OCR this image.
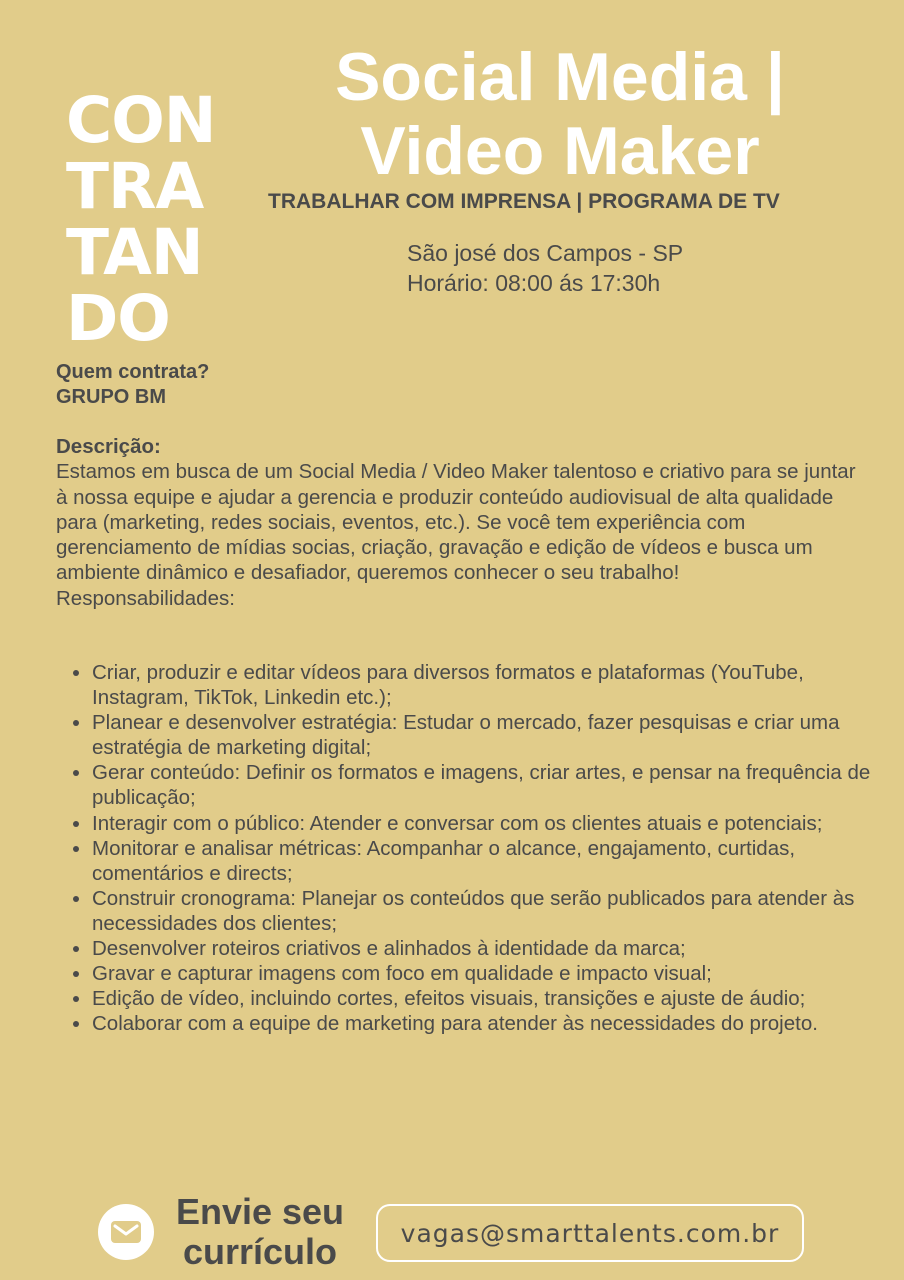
CON
TRA
TAN
DO
Social Media |
Video Maker
TRABALHAR COM IMPRENSA | PROGRAMA DE TV
São josé dos Campos - SP
Horário: 08:00 ás 17:30h
Quem contrata?
GRUPO BM
Descrição:
Estamos em busca de um Social Media / Video Maker talentoso e criativo para se juntar à nossa equipe e ajudar a gerencia e produzir conteúdo audiovisual de alta qualidade para (marketing, redes sociais, eventos, etc.). Se você tem experiência com gerenciamento de mídias socias, criação, gravação e edição de vídeos e busca um ambiente dinâmico e desafiador, queremos conhecer o seu trabalho!
Responsabilidades:
• Criar, produzir e editar vídeos para diversos formatos e plataformas (YouTube, Instagram, TikTok, Linkedin etc.);
• Planear e desenvolver estratégia: Estudar o mercado, fazer pesquisas e criar uma estratégia de marketing digital;
• Gerar conteúdo: Definir os formatos e imagens, criar artes, e pensar na frequência de publicação;
• Interagir com o público: Atender e conversar com os clientes atuais e potenciais;
• Monitorar e analisar métricas: Acompanhar o alcance, engajamento, curtidas, comentários e directs;
• Construir cronograma: Planejar os conteúdos que serão publicados para atender às necessidades dos clientes;
• Desenvolver roteiros criativos e alinhados à identidade da marca;
• Gravar e capturar imagens com foco em qualidade e impacto visual;
• Edição de vídeo, incluindo cortes, efeitos visuais, transições e ajuste de áudio;
• Colaborar com a equipe de marketing para atender às necessidades do projeto.
Envie seu
currículo	vagas@smarttalents.com.br
